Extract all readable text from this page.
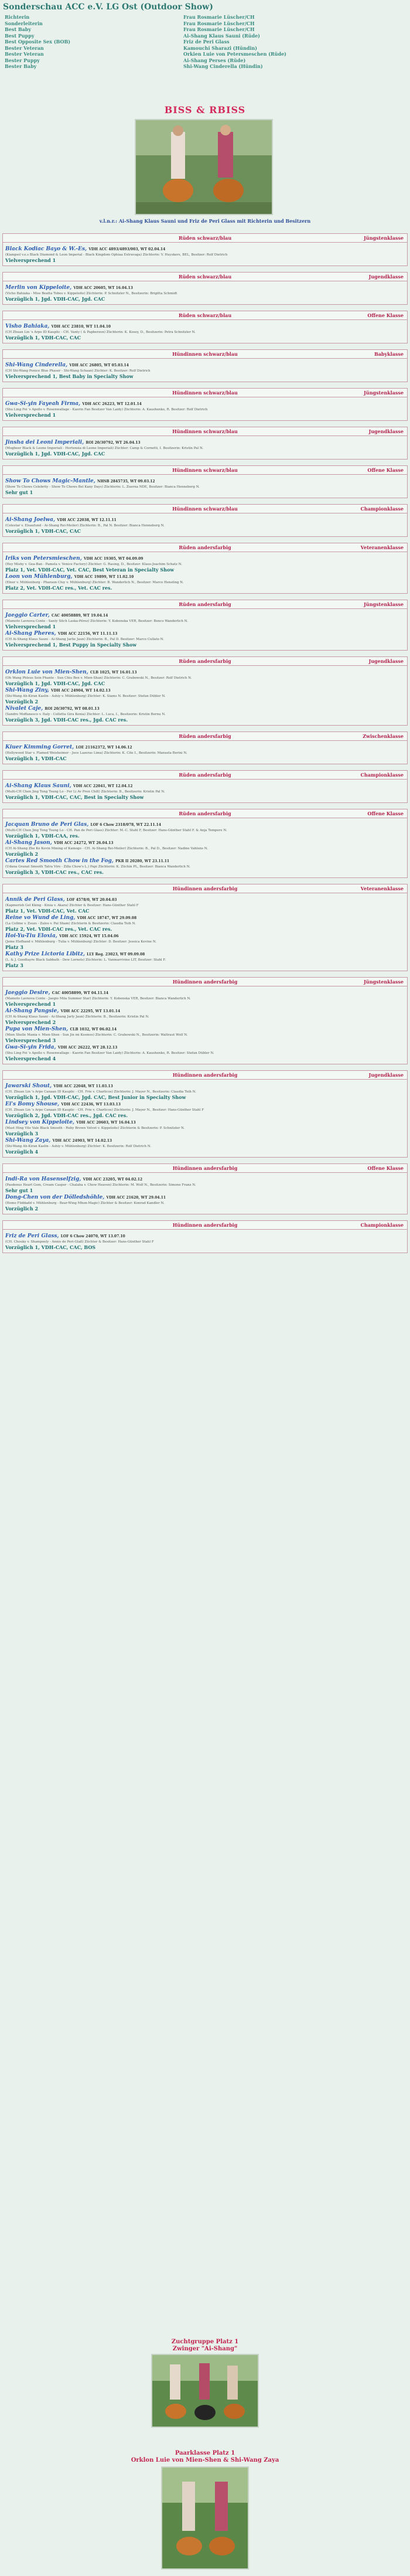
Sonderschau ACC e.V. LG Ost (Outdoor Show)
Richterin	Frau Rosmarie Lüscher/CH
Sonderleiterin	Frau Rosmarie Lüscher/CH
Best Baby	Frau Rosmarie Lüscher/CH
Best Puppy	Ai-Shang Klaus Sauni (Rüde)
Best Opposite Sex (BOB)	Friz de Peri Glass
Bester Veteran	Kamouchi Sharazi (Hündin)
Bester Veteran	Orkien Luie von Petersmeschen (Rüde)
Bester Puppy	Ai-Shang Perses (Rüde)
Bester Baby	Shi-Wang Cinderella (Hündin)
BISS & RBISS
v.l.n.r.: Ai-Shang Klaus Sauni und Friz de Peri Glass mit Richterin und Besitzern
Rüden schwarz/blau	Jüngstenklasse
Black Kodiac Bayo & W.-Es, VDH ACC 4893/4893/003, WT 02.04.14
(Kiangsol v.e.s Black Diamond & Leon Imperial - Black Kingdom Ophiaa Extravaga) Züchterin: V. Huyskers, BEL, Besitzer: Rolf Dietrich
Vielversprechend 1
Rüden schwarz/blau	Jugendklasse
Merlin von Kippeloite, VDH ACC 20605, WT 16.04.13
(Vicho Bahiaka - Miss Beatta Tobes v. Kippeloite) Züchterin: P. Schnitzler N., Besitzerin: Brigitta Schmidt
Vorzüglich 1, Jgd. VDH-CAC, Jgd. CAC
Rüden schwarz/blau	Offene Klasse
Visho Bahiaka, VDH ACC 23810, WT 11.04.10
(CH Zhuan Lin 's Arpo ID Kauplic - CH. Vanty ( & Papberzon) Züchterin: K. Kosey, D., Besitzerin: Petra Schnitzler N.
Vorzüglich 1, VDH-CAC, CAC
Hündinnen schwarz/blau	Babyklasse
Shi-Wang Cinderella, VDH ACC 26805, WT 05.03.14
(CH Shi-Wang Ponice Blue Phaser - Shi-Wang Schaan) Züchter: K. Besitzer: Rolf Dietrich
Vielversprechend 1, Best Baby in Specialty Show
Hündinnen schwarz/blau	Jüngstenklasse
Gwa-Si-yin Fayeah Firma, VDH ACC 26223, WT 12.01.14
(Shu Ling Fei 's Apollo v. Rosenwallage - Kaorin Fan Besitzer Van Laidy) Züchterin: A. Kaushenko, R. Besitzer: Rolf Dietrich
Vielversprechend 1
Hündinnen schwarz/blau	Jugendklasse
Jinsha dei Leoni Imperiali, ROI 20/30792, WT 26.04.13
(Mogbeer Black & Leone Imperiali - Hortensia di Leone Imperiali) Züchter: Camp & Cornetti, I. Besitzerin: Kristin Pal N.
Vorzüglich 1, Jgd. VDH-CAC, Jgd. CAC
Hündinnen schwarz/blau	Offene Klasse
Show To Chows Magic-Mantle, NHSB 2845735, WT 09.03.12
(Show To Chows Celebrity - Show To Chows Bel Kany Days) Züchterin: L. Zuerna NDE, Besitzer: Bianca Henneberg N.
Sehr gut 1
Hündinnen schwarz/blau	Championklasse
Ai-Shang Joelwa, VDH ACC 22038, WT 12.11.11
(Celestar v. Elsaufund - Ai-Shang Rei-Meiler) Züchterin: B., Pal N. Besitzer: Bianca Henneberg N.
Vorzüglich 1, VDH-CAC, CAC
Rüden andersfarbig	Veteranenklasse
Iriks von Petersmieschen, VDH ACC 19305, WT 04.09.09
(Hey Mishy v. Gea-Ban - Pamela v. Venice Factory) Züchter: G. Rasing, D., Besitzer: Klaus-Joachim Schatz N.
Platz 1, Vet. VDH-CAC, Vet. CAC, Best Veteran in Specialty Show
Loon von Mühlenburg, VDH ACC 19899, WT 11.02.10
(Elner v. Mühlenburg - Pharaon Cluy v. Mühlenburg) Züchter: B. Wanderlich N., Besitzer: Marco Heneling N.
Platz 2, Vet. VDH-CAC res., Vet. CAC res.
Rüden andersfarbig	Jüngstenklasse
Jaeggio Carter, CAC 40058889, WT 19.04.14
(Mamoto Lavnova Conte - Santy Sitch Laska-Pérez) Züchterin: Y. Kobenska VER, Besitzer: Benco Wanderlich N.
Vielversprechend 1
Ai-Shang Pheres, VDH ACC 22156, WT 11.11.13
(CH Ai-Shang Klaus Sauni - Ai-Shang Jarlie Jaun) Züchterin: B., Pal D. Besitzer: Marco Cullato N.
Vielversprechend 1, Best Puppy in Specialty Show
Rüden andersfarbig	Jugendklasse
Orklon Luie von Mien-Shen, CLB 1025, WT 16.01.13
(Oh Wang Phleus Sein Phante - Sun Chiu Ben v. Mien-Shan) Züchterin: C. Grabowski N., Besitzer: Rolf Dietrich N.
Vorzüglich 1, Jgd. VDH-CAC, Jgd. CAC
Shi-Wang Ziny, VDH ACC 24904, WT 14.02.13
(Shi-Wang Ah-Kiran Kaslin - Ashiy v. Mühlenburg) Züchter: K. Siams N. Besitzer: Stefan Dübler N.
Vorzüglich 2
Nivalet Caje, ROI 20/30792, WT 08.01.13
(Sandro Moffanesco v. Italy - Colletta Gira Kenia) Züchter: L. Luca, I., Besitzerin: Kristin Bernu N.
Vorzüglich 3, Jgd. VDH-CAC res., Jgd. CAC res.
Rüden andersfarbig	Zwischenklasse
Kiuer Kimming Gorret, LOE 21162372, WT 14.06.12
(Hollywood Star v. Flamed Weisheimer - Joce Lazeras Lima) Züchterin: K. Cite I., Besitzerin: Manuela Berini N.
Vorzüglich 1, VDH-CAC
Rüden andersfarbig	Championklasse
Ai-Shang Klaus Sauni, VDH ACC 22041, WT 12.04.12
(Multi-CH Chen Jing Tong Tsung Lo - Fer Li Av Pren Chill) Züchterin: B., Besitzerin: Kristin Pal N.
Vorzüglich 1, VDH-CAC, CAC, Best in Specialty Show
Rüden andersfarbig	Offene Klasse
Jacquan Bruno de Peri Glas, LOF 6 Chow 2318/078, WT 22.11.14
(Multi-CH Chen Jing Tong Tsung Lo - CH. Pan de Peri Glass) Züchter: M.-C. Stahl F, Besitzer: Hans-Günther Stahl F. & Anja Tempere N.
Vorzüglich 1, VDH-CAA, res.
Ai-Shang Jason, VDH ACC 24272, WT 26.04.13
(CH Ai-Shang Zhe Ko Kevin Mining of Kamogo - CH. Ai-Shang Rei-Meiler) Züchterin: B., Pal D., Besitzer: Nadine Vahlens N.
Vorzüglich 2
Cartes Red Smooth Chow in the Fog, PKR II 20280, WT 23.11.11
(Udana Granat Smooth Tatra Viro - Zilla Chow's L.) Papi Züchterin: K. Züchin PL, Besitzer: Bianca Wanderlich N.
Vorzüglich 3, VDH-CAC res., CAC res.
Hündinnen andersfarbig	Veteranenklasse
Annik de Peri Glass, LOF 4578/0, WT 20.04.03
(Kapmerish Gel Kking - Kinia v. Akara) Züchter & Besitzer: Hans-Günther Stahl F
Platz 1, Vet. VDH-CAC, Vet. CAC
Reine vo Wund de Ling, VDH ACC 18747, WT 29.09.08
(La Collme v. Zsuzs - Zaloo v. Pal Sham) Züchterin & Besitzerin: Claudia Teih N.
Platz 2, Vet. VDH-CAC res., Vet. CAC res.
Hoi-Yu-Tiu Eloxia, VDH ACC 15924, WT 15.04.06
(Jeme Elefhand v. Mühlenburg - Tulia v. Mühlenburg) Züchter: D. Besitzer: Jessica Kevine N.
Platz 3
Kathy Prize Lictoria Libitz, LLY Reg. 23023, WT 09.09.08
(L. & J. Goodtayre Black Sabbath - Dew Lornets) Züchterin: L. Vanmarrivine LIT, Besitzer: Stahl F.
Platz 3
Hündinnen andersfarbig	Jüngstenklasse
Jaeggio Desire, CAC 40058899, WT 04.11.14
(Mamoto Lavnova Conte - Jaegio Mila Summer Star) Züchterin: Y. Kobenska VER, Besitzer: Bianca Wanderlich N.
Vielversprechend 1
Ai-Shang Pangsie, VDH ACC 22295, WT 13.01.14
(CH Ai-Shang Klaus Sauni - Ai-Shang Jarly Jaun) Züchterin: B., Besitzerin: Kristin Pal N.
Vielversprechend 2
Pupa von Mien-Shen, CLB 1032, WT 06.02.14
(Mien Shelle Mania v. Mien-Shen - Sun Jin mi Kosmos) Züchterin: C. Grabowski N., Besitzerin: Waltraut Wolf N.
Vielversprechend 3
Gwa-Si-yin Frida, VDH ACC 26222, WT 28.12.13
(Shu Ling Fei 's Apollo v. Rosenwallage - Kaorin Fan Besitzer Van Laidy) Züchterin: A. Kaushenko, R. Besitzer: Stefan Dübler N.
Vielversprechend 4
Hündinnen andersfarbig	Jugendklasse
Jawarski Shout, VDH ACC 22048, WT 11.03.13
(CH. Zhuan Lin 's Arpo Canaan ID Kauplic - CH. Frie v. Charlicos) Züchterin: J. Mayer N., Besitzerin: Claudia Teih N.
Vorzüglich 1, Jgd. VDH-CAC, Jgd. CAC, Best Junior in Specialty Show
Ei's Bomy Shouse, VDH ACC 22436, WT 13.03.13
(CH. Zhuan Lin 's Arpo Canaan ID Kauplic - CH. Frie v. Charlicos) Züchterin: J. Mayer N., Besitzer: Hans-Günther Stahl F
Vorzüglich 2, Jgd. VDH-CAC res., Jgd. CAC res.
Lindsey von Kippeloite, VDH ACC 20603, WT 16.04.13
(Mast Hing Vile Vale Black Smooth - Ruby Brown Velvet v. Kippeloite) Züchterin & Besitzerin: P. Schnitzler N.
Vorzüglich 3
Shi-Wang Zaya, VDH ACC 24903, WT 14.02.13
(Shi-Wang Ah-Kiran Kaslin - Ashiy v. Mühlenburg) Züchter: K. Besitzerin: Rolf Dietrich N.
Vorzüglich 4
Hündinnen andersfarbig	Offene Klasse
Indi-Ra von Hasenselfzig, VDH ACC 23205, WT 04.02.12
(Pasdenus Heart Gem, Cream Casper - Chalaha v. Chow Heaven) Züchterin: M. Wolf N., Besitzerin: Simone Franz N.
Sehr gut 1
Dong-Chen von der Dölledshöhle, VDH ACC 21620, WT 29.04.11
(Homo Fliddadd v. Mühlenburg - Bear-Wing Mhon-Magic) Züchter & Besitzer: Konrad Kandler N.
Vorzüglich 2
Hündinnen andersfarbig	Championklasse
Friz de Peri Glass, LOF 6 Chow 24070, WT 13.07.10
(CH. Chouky v. Shampooly - Annis de Peri-Glaß) Züchter & Besitzer: Hans-Günther Stahl F
Vorzüglich 1, VDH-CAC, CAC, BOS
Zuchtgruppe Platz 1
Zwinger "Ai-Shang"
Paarklasse Platz 1
Orklon Luie von Mien-Shen & Shi-Wang Zaya
